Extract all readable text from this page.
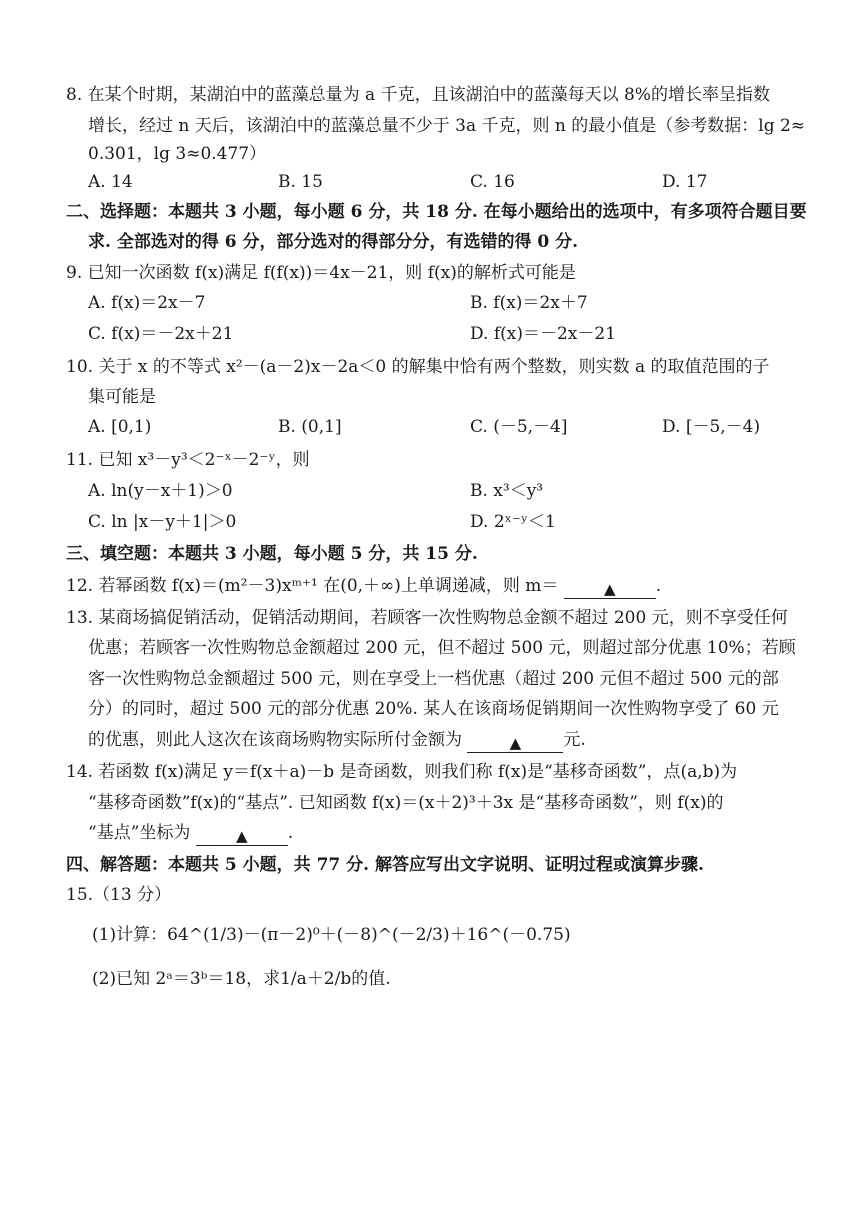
8. 在某个时期，某湖泊中的蓝藻总量为 a 千克，且该湖泊中的蓝藻每天以 8%的增长率呈指数
增长，经过 n 天后，该湖泊中的蓝藻总量不少于 3a 千克，则 n 的最小值是（参考数据：lg 2≈
0.301，lg 3≈0.477）
A. 14	B. 15	C. 16	D. 17
二、选择题：本题共 3 小题，每小题 6 分，共 18 分. 在每小题给出的选项中，有多项符合题目要
求. 全部选对的得 6 分，部分选对的得部分分，有选错的得 0 分.
9. 已知一次函数 f(x)满足 f(f(x))＝4x－21，则 f(x)的解析式可能是
A. f(x)＝2x－7	B. f(x)＝2x＋7
C. f(x)＝－2x＋21	D. f(x)＝－2x－21
10. 关于 x 的不等式 x²－(a－2)x－2a＜0 的解集中恰有两个整数，则实数 a 的取值范围的子
集可能是
A. [0,1)	B. (0,1]	C. (－5,－4]	D. [－5,－4)
11. 已知 x³－y³＜2⁻ˣ－2⁻ʸ，则
A. ln(y－x＋1)＞0	B. x³＜y³
C. ln |x－y＋1|＞0	D. 2ˣ⁻ʸ＜1
三、填空题：本题共 3 小题，每小题 5 分，共 15 分.
12. 若幂函数 f(x)＝(m²－3)xᵐ⁺¹ 在(0,＋∞)上单调递减，则 m＝	▲ .
13. 某商场搞促销活动，促销活动期间，若顾客一次性购物总金额不超过 200 元，则不享受任何
优惠；若顾客一次性购物总金额超过 200 元，但不超过 500 元，则超过部分优惠 10%；若顾
客一次性购物总金额超过 500 元，则在享受上一档优惠（超过 200 元但不超过 500 元的部
分）的同时，超过 500 元的部分优惠 20%. 某人在该商场促销期间一次性购物享受了 60 元
的优惠，则此人这次在该商场购物实际所付金额为	▲ 元.
14. 若函数 f(x)满足 y＝f(x＋a)－b 是奇函数，则我们称 f(x)是“基移奇函数”，点(a,b)为
“基移奇函数”f(x)的“基点”. 已知函数 f(x)＝(x＋2)³＋3x 是“基移奇函数”，则 f(x)的
“基点”坐标为	▲ .
四、解答题：本题共 5 小题，共 77 分. 解答应写出文字说明、证明过程或演算步骤.
15.（13 分）
(1)计算：64^(1/3)－(π－2)⁰＋(－8)^(－2/3)＋16^(－0.75)
(2)已知 2ᵃ＝3ᵇ＝18，求1/a＋2/b的值.
